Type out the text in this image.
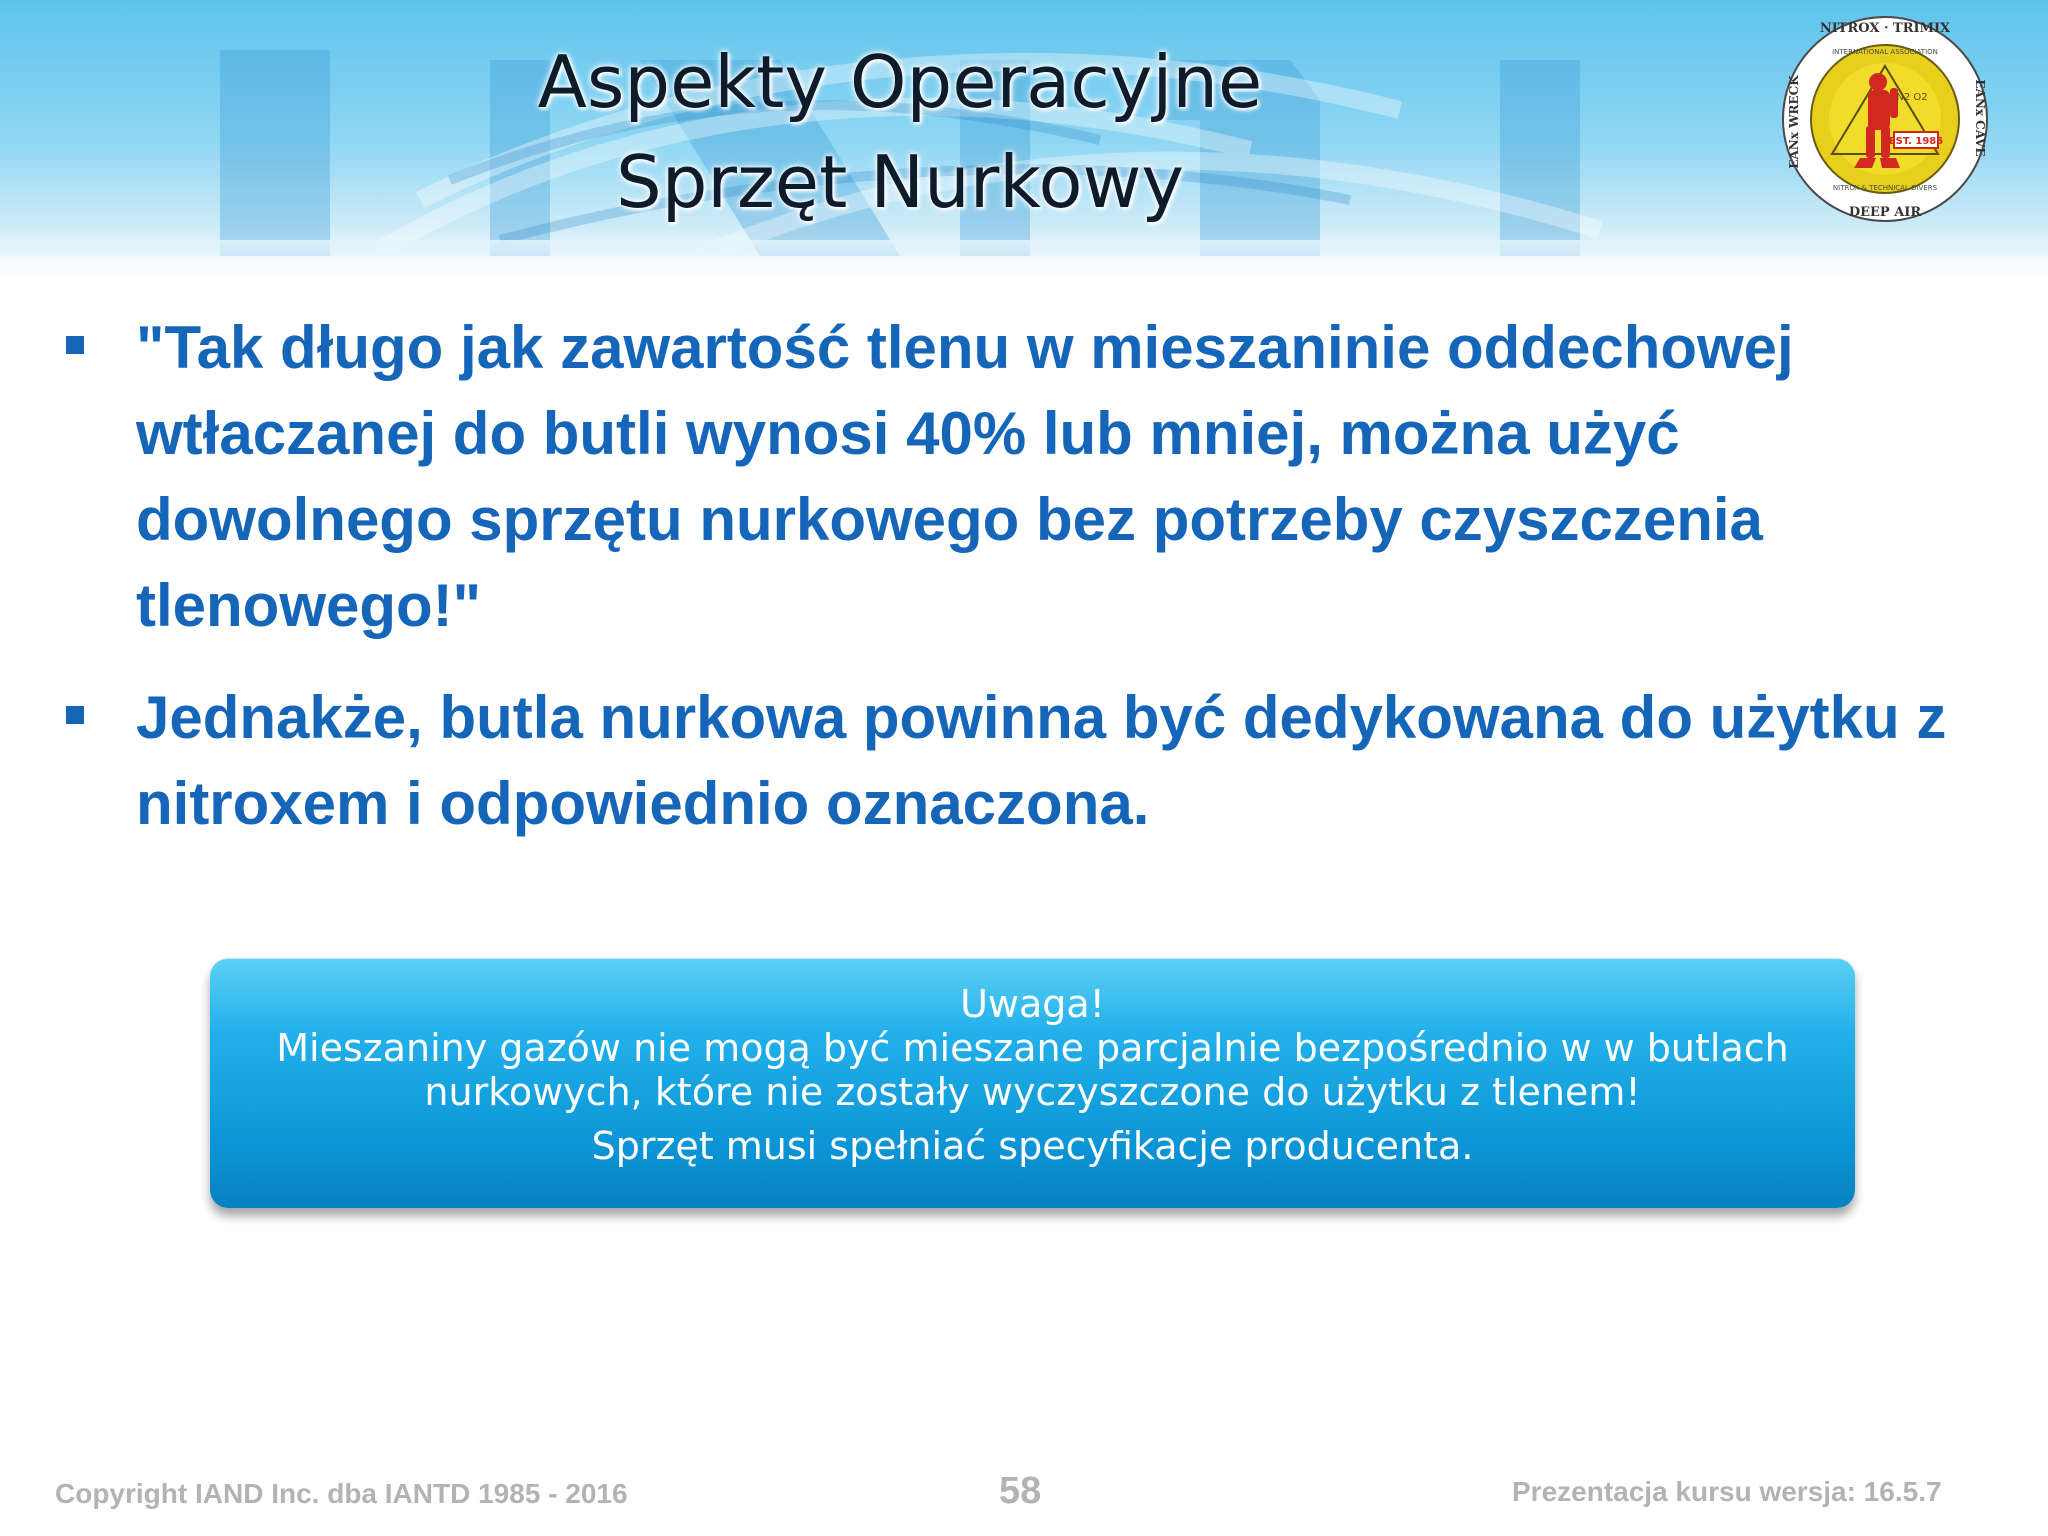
Aspekty Operacyjne
Sprzęt Nurkowy	EST. 1985
N2 O2
NITROX · TRIMIX
DEEP AIR
EANx WRECK	EANx CAVE
INTERNATIONAL ASSOCIATION
NITROX & TECHNICAL DIVERS
"Tak długo jak zawartość tlenu w mieszaninie oddechowej wtłaczanej do butli wynosi 40% lub mniej, można użyć dowolnego sprzętu nurkowego bez potrzeby czyszczenia tlenowego!"
Jednakże, butla nurkowa powinna być dedykowana do użytku z nitroxem i odpowiednio oznaczona.
Uwaga!
Mieszaniny gazów nie mogą być mieszane parcjalnie bezpośrednio w w butlach nurkowych, które nie zostały wyczyszczone do użytku z tlenem!
Sprzęt musi spełniać specyfikacje producenta.
Copyright IAND Inc. dba IANTD 1985 - 2016	58	Prezentacja kursu wersja: 16.5.7
